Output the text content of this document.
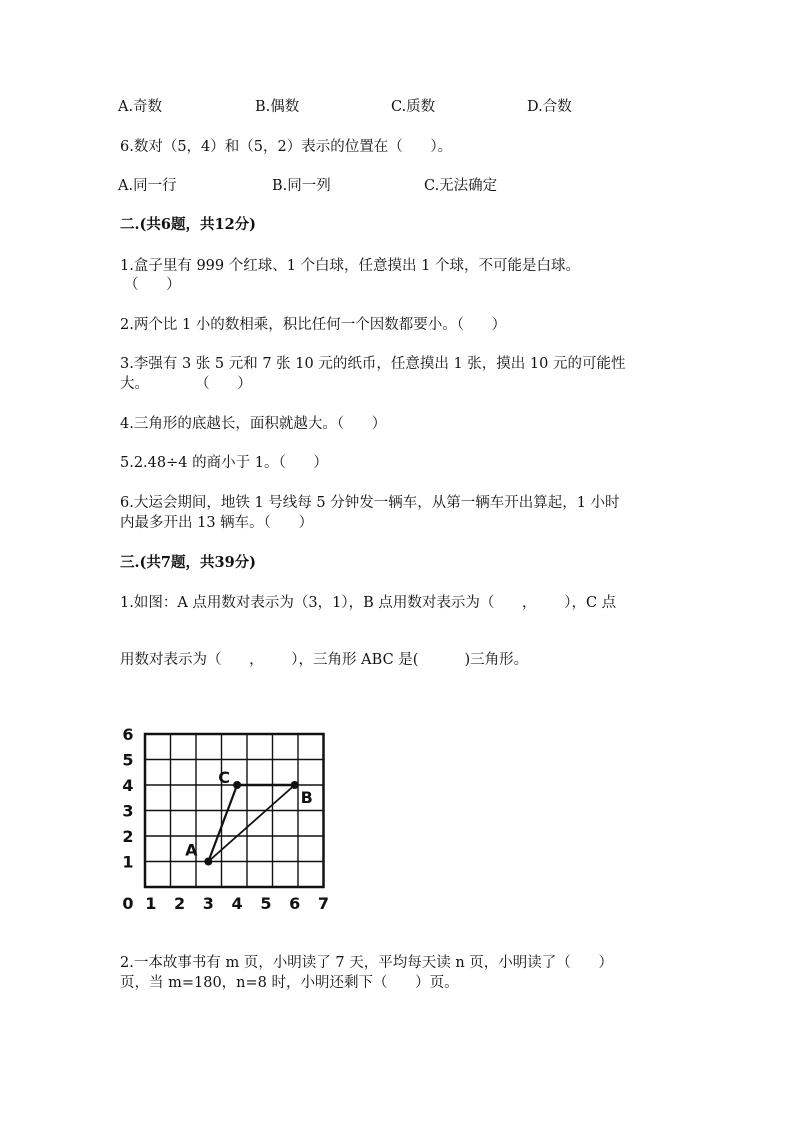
A.奇数	B.偶数	C.质数	D.合数
6.数对（5，4）和（5，2）表示的位置在（      ）。
A.同一行	B.同一列	C.无法确定
二.(共6题，共12分)
1.盒子里有 999 个红球、1 个白球，任意摸出 1 个球，不可能是白球。
（      ）
2.两个比 1 小的数相乘，积比任何一个因数都要小。（      ）
3.李强有 3 张 5 元和 7 张 10 元的纸币，任意摸出 1 张，摸出 10 元的可能性
大。          （      ）
4.三角形的底越长，面积就越大。（      ）
5.2.48÷4 的商小于 1。（      ）
6.大运会期间，地铁 1 号线每 5 分钟发一辆车，从第一辆车开出算起，1 小时
内最多开出 13 辆车。（      ）
三.(共7题，共39分)
1.如图：A 点用数对表示为（3，1），B 点用数对表示为（      ，      ），C 点
用数对表示为（      ，      ），三角形 ABC 是(          )三角形。
0 1 2 3 4 5 6 7
1
2
3
4
5
6
A
B
C
2.一本故事书有 m 页，小明读了 7 天，平均每天读 n 页，小明读了（      ）
页，当 m=180，n=8 时，小明还剩下（      ）页。
